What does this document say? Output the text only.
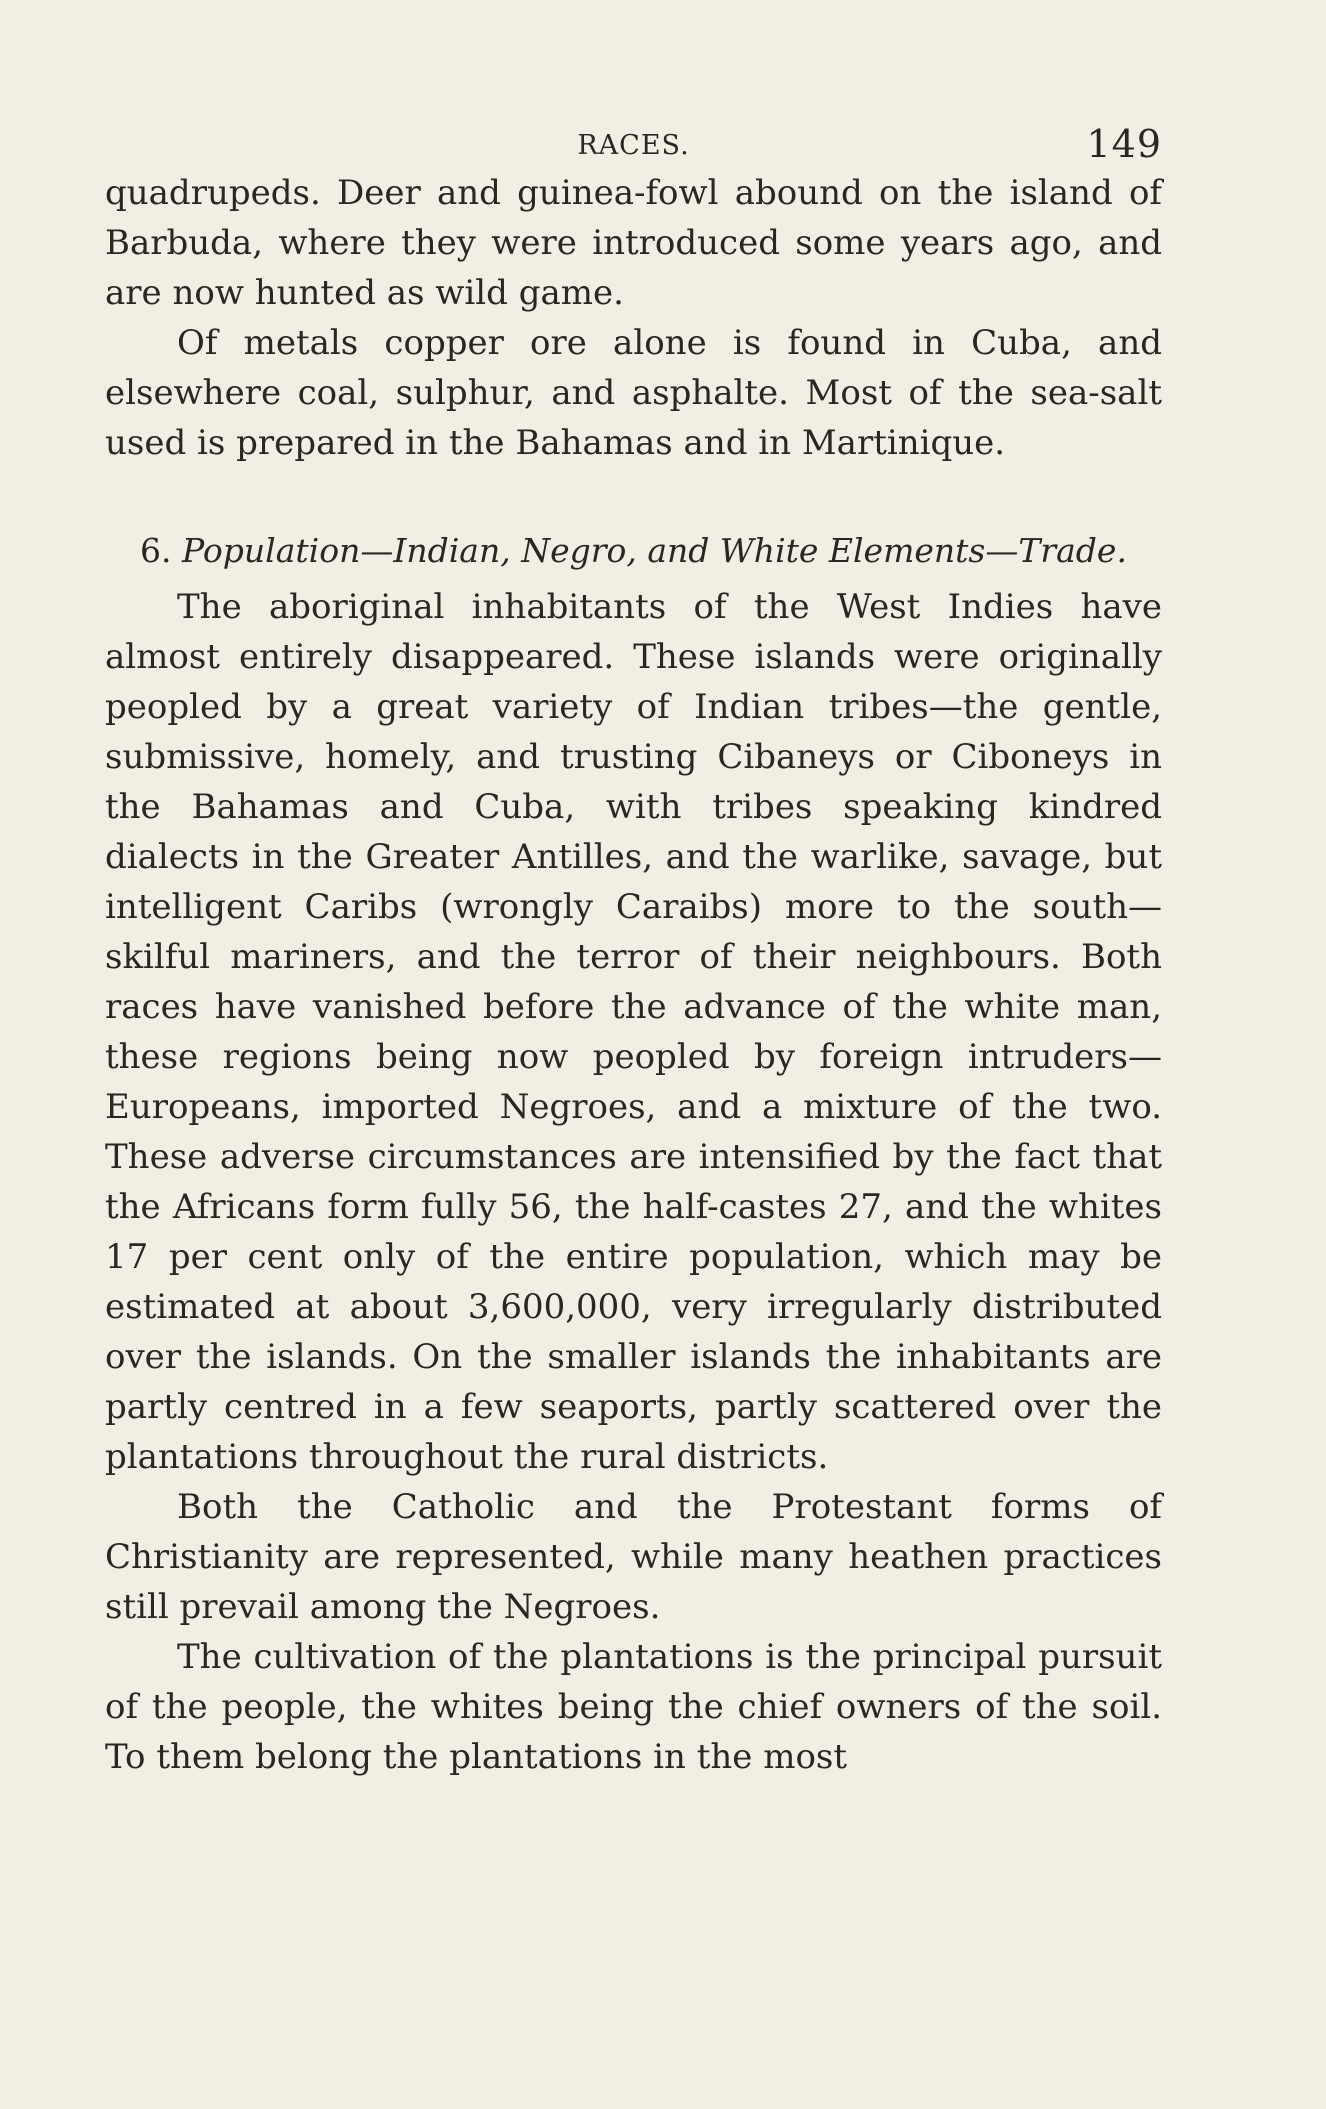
RACES.	149

quadrupeds. Deer and guinea-fowl abound on the island of Barbuda, where they were introduced some years ago, and are now hunted as wild game.

Of metals copper ore alone is found in Cuba, and elsewhere coal, sulphur, and asphalte. Most of the sea-salt used is prepared in the Bahamas and in Martinique.

6. Population—Indian, Negro, and White Elements—Trade.

The aboriginal inhabitants of the West Indies have almost entirely disappeared. These islands were originally peopled by a great variety of Indian tribes—the gentle, submissive, homely, and trusting Cibaneys or Ciboneys in the Bahamas and Cuba, with tribes speaking kindred dialects in the Greater Antilles, and the warlike, savage, but intelligent Caribs (wrongly Caraibs) more to the south—skilful mariners, and the terror of their neighbours. Both races have vanished before the advance of the white man, these regions being now peopled by foreign intruders—Europeans, imported Negroes, and a mixture of the two. These adverse circumstances are intensified by the fact that the Africans form fully 56, the half-castes 27, and the whites 17 per cent only of the entire population, which may be estimated at about 3,600,000, very irregularly distributed over the islands. On the smaller islands the inhabitants are partly centred in a few seaports, partly scattered over the plantations throughout the rural districts.

Both the Catholic and the Protestant forms of Christianity are represented, while many heathen practices still prevail among the Negroes.

The cultivation of the plantations is the principal pursuit of the people, the whites being the chief owners of the soil. To them belong the plantations in the most
